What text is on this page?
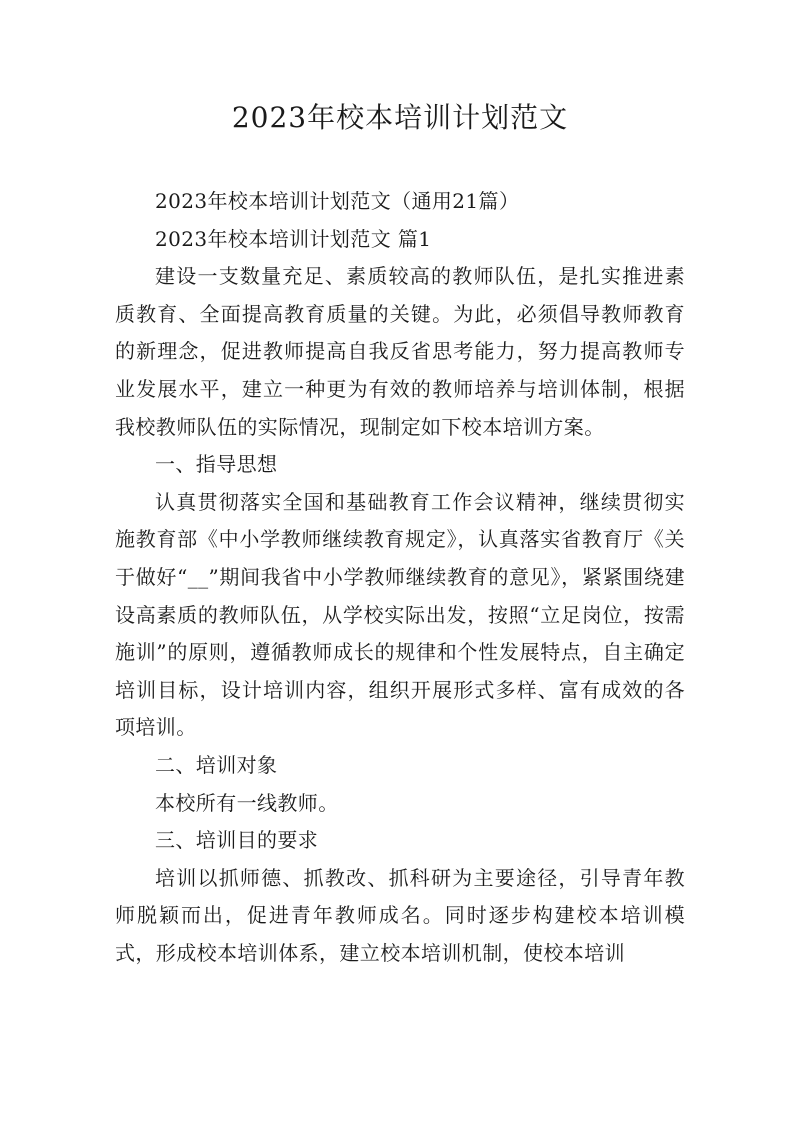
2023年校本培训计划范文

2023年校本培训计划范文（通用21篇）

2023年校本培训计划范文 篇1

建设一支数量充足、素质较高的教师队伍，是扎实推进素质教育、全面提高教育质量的关键。为此，必须倡导教师教育的新理念，促进教师提高自我反省思考能力，努力提高教师专业发展水平，建立一种更为有效的教师培养与培训体制，根据我校教师队伍的实际情况，现制定如下校本培训方案。

一、指导思想

认真贯彻落实全国和基础教育工作会议精神，继续贯彻实施教育部《中小学教师继续教育规定》，认真落实省教育厅《关于做好“__”期间我省中小学教师继续教育的意见》，紧紧围绕建设高素质的教师队伍，从学校实际出发，按照“立足岗位，按需施训”的原则，遵循教师成长的规律和个性发展特点，自主确定培训目标，设计培训内容，组织开展形式多样、富有成效的各项培训。

二、培训对象

本校所有一线教师。

三、培训目的要求

培训以抓师德、抓教改、抓科研为主要途径，引导青年教师脱颖而出，促进青年教师成名。同时逐步构建校本培训模式，形成校本培训体系，建立校本培训机制，使校本培训
